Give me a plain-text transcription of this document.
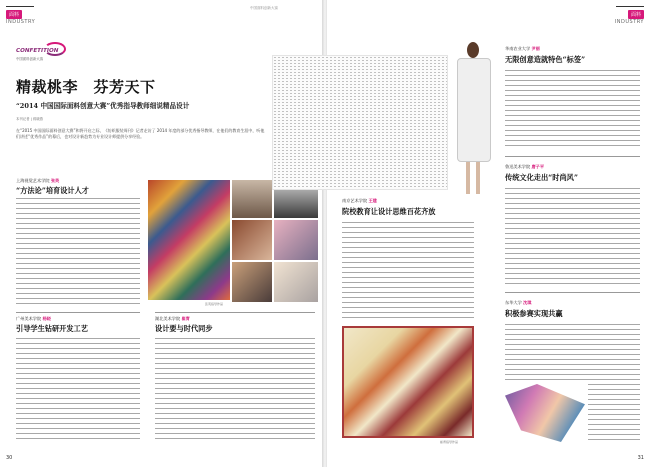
面料
INDUSTRY
中国面料创新大赛
CONFETITION
中国面料创新大赛
精裁桃李　芬芳天下
“2014 中国国际面料创意大赛”优秀指导教师细说精品设计
本刊记者 | 蒋晓燕
在“2015 中国国际面料创意大赛”和将开启之际，《纺织服装周刊》记者走访了 2014 年度的部分优秀指导教师，在他们的教育生涯中，听他们讲述“优秀作品”的幕后，也对设计新趋势为专业设计师提供分享经验。
上海视觉艺术学院 张英
“方法论”培育设计人才
张英指导作品
广州美术学院 杨晓
引导学生钻研开发工艺
30
面料
INDUSTRY
31
南京艺术学院 王建
院校教育让设计思维百花齐放
湖北美术学院 崔青
设计要与时代同步
崔青指导作品
华南农业大学 尹丽
无限创意造就特色“标签”
鲁迅美术学院 唐子平
传统文化走出“时尚风”
东华大学 沈琪
积极参赛实现共赢
